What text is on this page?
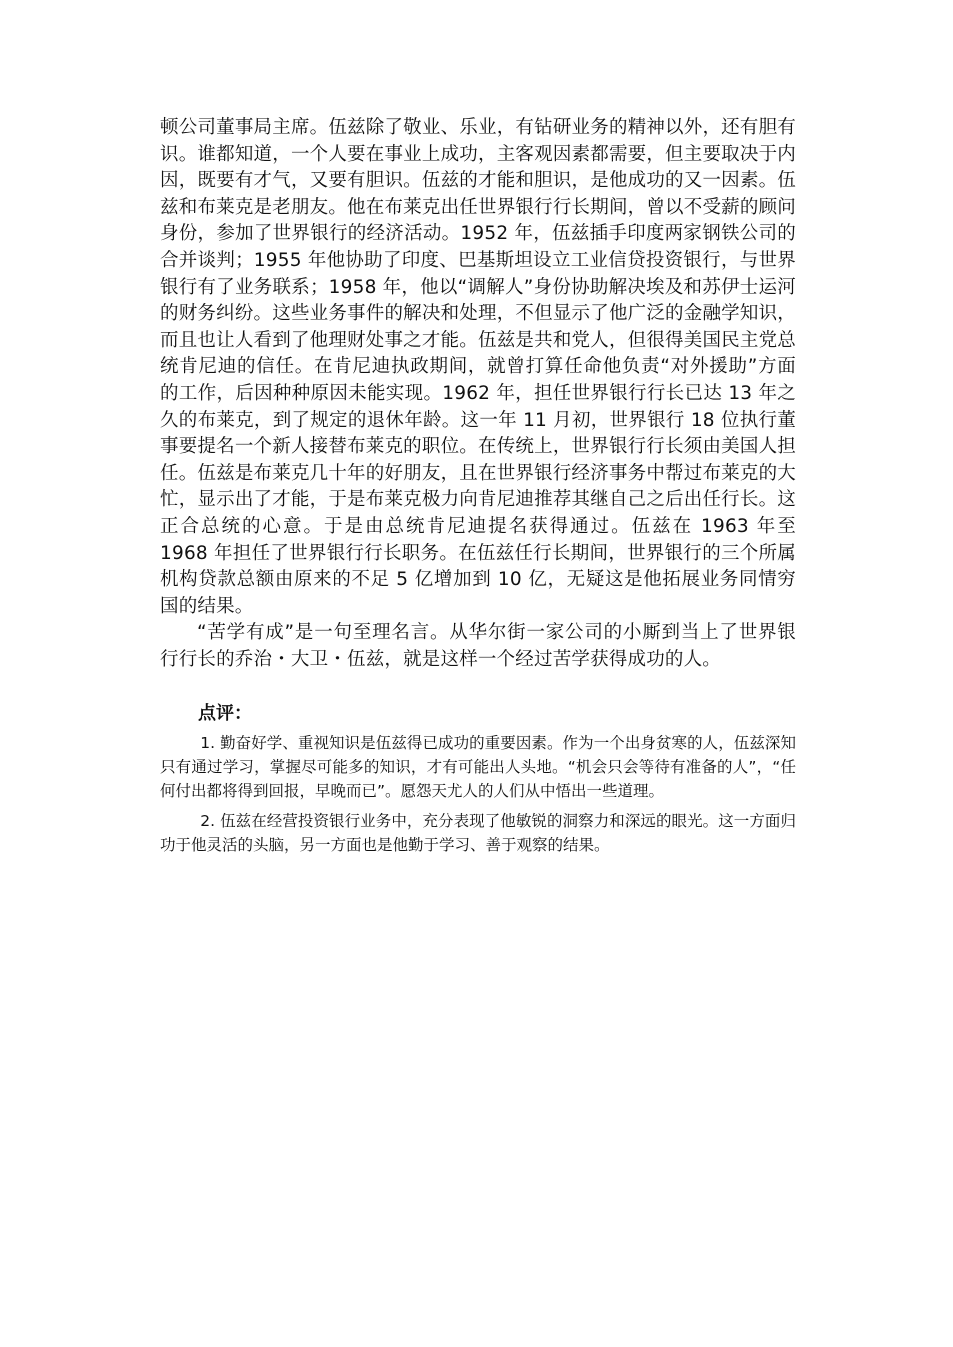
顿公司董事局主席。伍兹除了敬业、乐业，有钻研业务的精神以外，还有胆有识。谁都知道，一个人要在事业上成功，主客观因素都需要，但主要取决于内因，既要有才气，又要有胆识。伍兹的才能和胆识，是他成功的又一因素。伍兹和布莱克是老朋友。他在布莱克出任世界银行行长期间，曾以不受薪的顾问身份，参加了世界银行的经济活动。1952 年，伍兹插手印度两家钢铁公司的合并谈判；1955 年他协助了印度、巴基斯坦设立工业信贷投资银行，与世界银行有了业务联系；1958 年，他以“调解人”身份协助解决埃及和苏伊士运河的财务纠纷。这些业务事件的解决和处理，不但显示了他广泛的金融学知识，而且也让人看到了他理财处事之才能。伍兹是共和党人，但很得美国民主党总统肯尼迪的信任。在肯尼迪执政期间，就曾打算任命他负责“对外援助”方面的工作，后因种种原因未能实现。1962 年，担任世界银行行长已达 13 年之久的布莱克，到了规定的退休年龄。这一年 11 月初，世界银行 18 位执行董事要提名一个新人接替布莱克的职位。在传统上，世界银行行长须由美国人担任。伍兹是布莱克几十年的好朋友，且在世界银行经济事务中帮过布莱克的大忙，显示出了才能，于是布莱克极力向肯尼迪推荐其继自己之后出任行长。这正合总统的心意。于是由总统肯尼迪提名获得通过。伍兹在 1963 年至 1968 年担任了世界银行行长职务。在伍兹任行长期间，世界银行的三个所属机构贷款总额由原来的不足 5 亿增加到 10 亿，无疑这是他拓展业务同情穷国的结果。

“苦学有成”是一句至理名言。从华尔街一家公司的小厮到当上了世界银行行长的乔治・大卫・伍兹，就是这样一个经过苦学获得成功的人。

点评：

1. 勤奋好学、重视知识是伍兹得已成功的重要因素。作为一个出身贫寒的人，伍兹深知只有通过学习，掌握尽可能多的知识，才有可能出人头地。“机会只会等待有准备的人”，“任何付出都将得到回报，早晚而已”。愿怨天尤人的人们从中悟出一些道理。

2. 伍兹在经营投资银行业务中，充分表现了他敏锐的洞察力和深远的眼光。这一方面归功于他灵活的头脑，另一方面也是他勤于学习、善于观察的结果。
